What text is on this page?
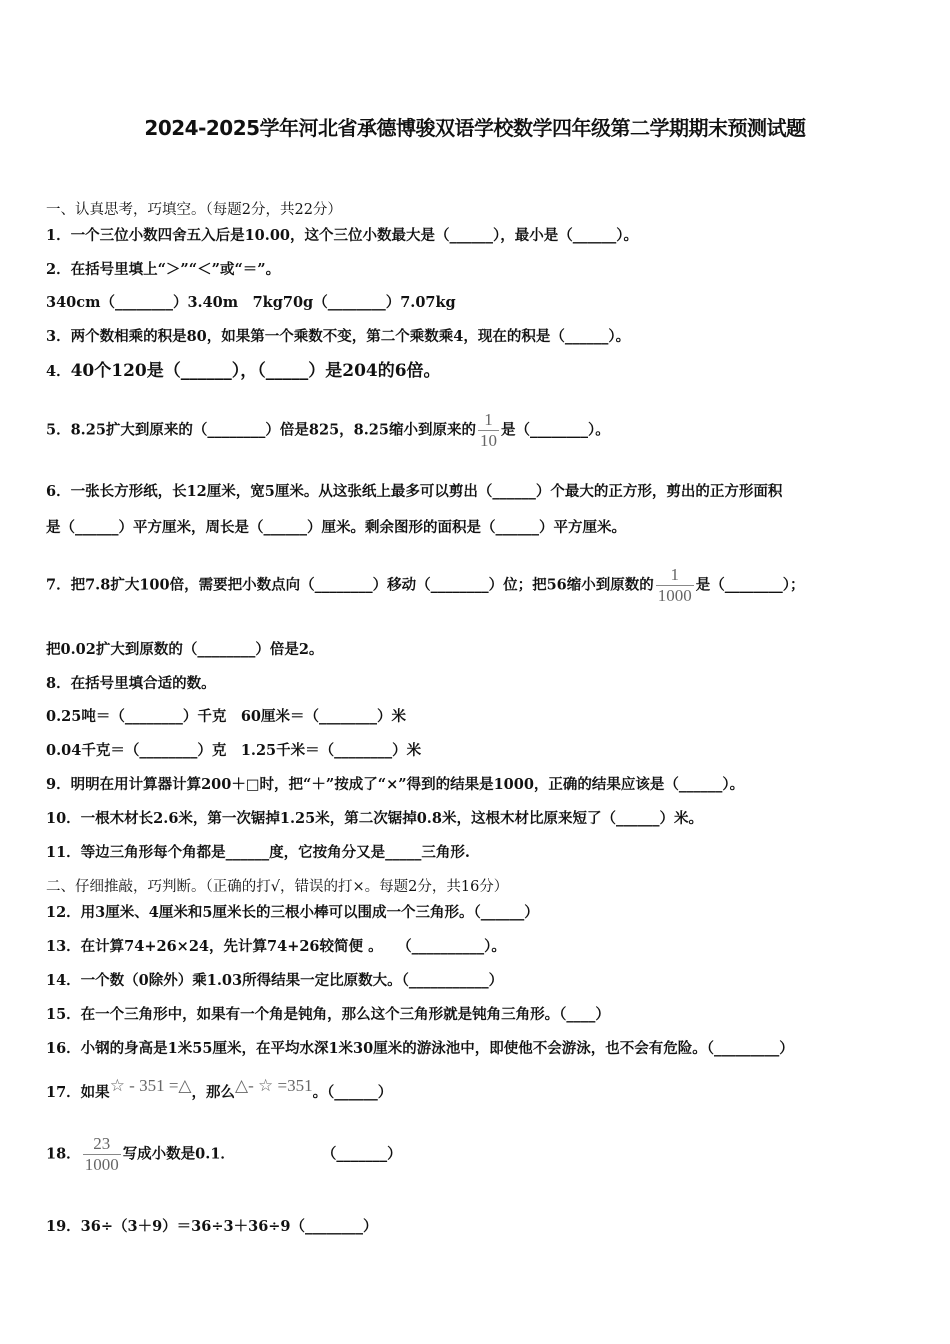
2024-2025学年河北省承德博骏双语学校数学四年级第二学期期末预测试题
一、认真思考，巧填空。（每题2分，共22分）
1．一个三位小数四舍五入后是10.00，这个三位小数最大是（______），最小是（______）。
2．在括号里填上“＞”“＜”或“＝”。
340cm（________）3.40m　7kg70g（________）7.07kg
3．两个数相乘的积是80，如果第一个乘数不变，第二个乘数乘4，现在的积是（______）。
4．40个120是（______），（_____）是204的6倍。
5．8.25扩大到原来的（________）倍是825，8.25缩小到原来的 $\frac{1}{10}$ 是（________）。
6．一张长方形纸，长12厘米，宽5厘米。从这张纸上最多可以剪出（______）个最大的正方形，剪出的正方形面积
是（______）平方厘米，周长是（______）厘米。剩余图形的面积是（______）平方厘米。
7．把7.8扩大100倍，需要把小数点向（________）移动（________）位；把56缩小到原数的 $\frac{1}{1000}$ 是（________）；
把0.02扩大到原数的（________）倍是2。
8．在括号里填合适的数。
0.25吨＝（________）千克　60厘米＝（________）米
0.04千克＝（________）克　1.25千米＝（________）米
9．明明在用计算器计算200＋□时，把“＋”按成了“×”得到的结果是1000，正确的结果应该是（______）。
10．一根木材长2.6米，第一次锯掉1.25米，第二次锯掉0.8米，这根木材比原来短了（______）米。
11．等边三角形每个角都是______度，它按角分又是_____三角形.
二、仔细推敲，巧判断。（正确的打√，错误的打×。每题2分，共16分）
12．用3厘米、4厘米和5厘米长的三根小棒可以围成一个三角形。（______）
13．在计算74+26×24，先计算74+26较简便 。　　（__________）。
14．一个数（0除外）乘1.03所得结果一定比原数大。（___________）
15．在一个三角形中，如果有一个角是钝角，那么这个三角形就是钝角三角形。（____）
16．小钢的身高是1米55厘米，在平均水深1米30厘米的游泳池中，即使他不会游泳，也不会有危险。（_________）
17．如果☆ - 351 =△，那么△- ☆ =351。（______）
18． $\frac{23}{1000}$ 写成小数是0.1．　　　　　　　（_______）
19．36÷（3＋9）＝36÷3＋36÷9（________）
